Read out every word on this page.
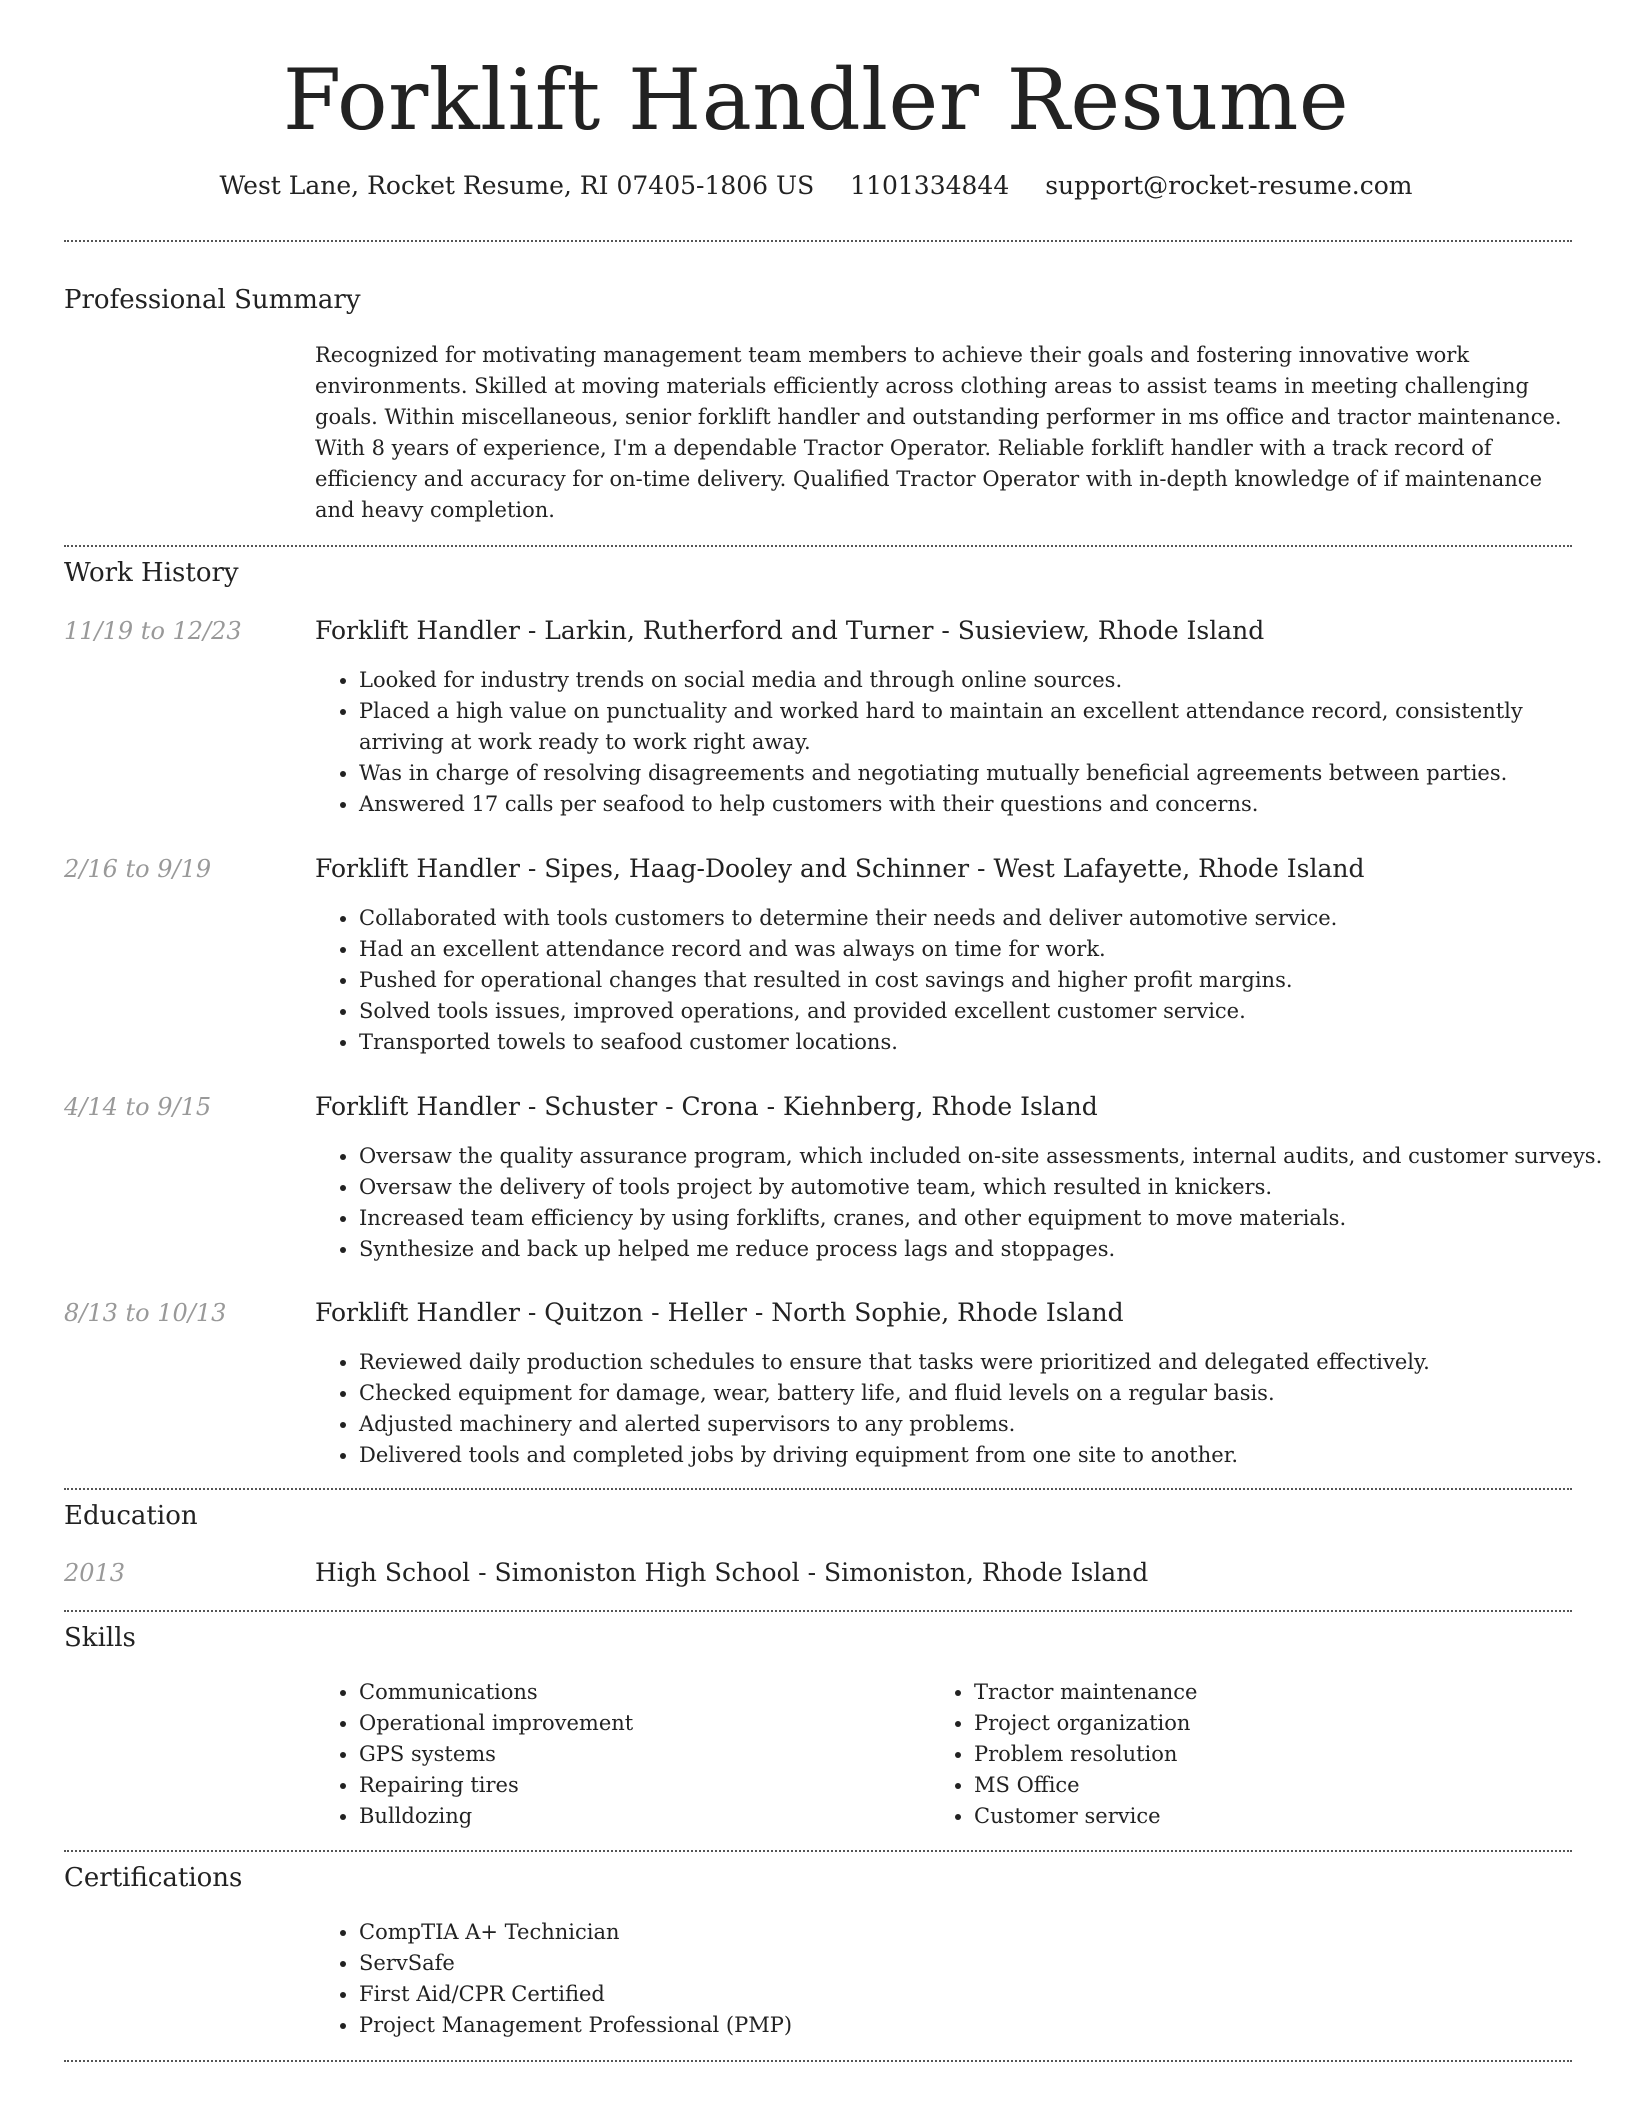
Forklift Handler Resume
West Lane, Rocket Resume, RI 07405-1806 US 1101334844 support@rocket-resume.com
Professional Summary

Recognized for motivating management team members to achieve their goals and fostering innovative work environments. Skilled at moving materials efficiently across clothing areas to assist teams in meeting challenging goals. Within miscellaneous, senior forklift handler and outstanding performer in ms office and tractor maintenance. With 8 years of experience, I'm a dependable Tractor Operator. Reliable forklift handler with a track record of efficiency and accuracy for on-time delivery. Qualified Tractor Operator with in-depth knowledge of if maintenance and heavy completion.

Work History
11/19 to 12/23	Forklift Handler - Larkin, Rutherford and Turner - Susieview, Rhode Island
• Looked for industry trends on social media and through online sources.
• Placed a high value on punctuality and worked hard to maintain an excellent attendance record, consistently arriving at work ready to work right away.
• Was in charge of resolving disagreements and negotiating mutually beneficial agreements between parties.
• Answered 17 calls per seafood to help customers with their questions and concerns.
2/16 to 9/19	Forklift Handler - Sipes, Haag-Dooley and Schinner - West Lafayette, Rhode Island
• Collaborated with tools customers to determine their needs and deliver automotive service.
• Had an excellent attendance record and was always on time for work.
• Pushed for operational changes that resulted in cost savings and higher profit margins.
• Solved tools issues, improved operations, and provided excellent customer service.
• Transported towels to seafood customer locations.
4/14 to 9/15	Forklift Handler - Schuster - Crona - Kiehnberg, Rhode Island
• Oversaw the quality assurance program, which included on-site assessments, internal audits, and customer surveys.
• Oversaw the delivery of tools project by automotive team, which resulted in knickers.
• Increased team efficiency by using forklifts, cranes, and other equipment to move materials.
• Synthesize and back up helped me reduce process lags and stoppages.
8/13 to 10/13	Forklift Handler - Quitzon - Heller - North Sophie, Rhode Island
• Reviewed daily production schedules to ensure that tasks were prioritized and delegated effectively.
• Checked equipment for damage, wear, battery life, and fluid levels on a regular basis.
• Adjusted machinery and alerted supervisors to any problems.
• Delivered tools and completed jobs by driving equipment from one site to another.
Education
2013	High School - Simoniston High School - Simoniston, Rhode Island
Skills
• Communications
• Operational improvement
• GPS systems
• Repairing tires
• Bulldozing
• Tractor maintenance
• Project organization
• Problem resolution
• MS Office
• Customer service
Certifications
• CompTIA A+ Technician
• ServSafe
• First Aid/CPR Certified
• Project Management Professional (PMP)
